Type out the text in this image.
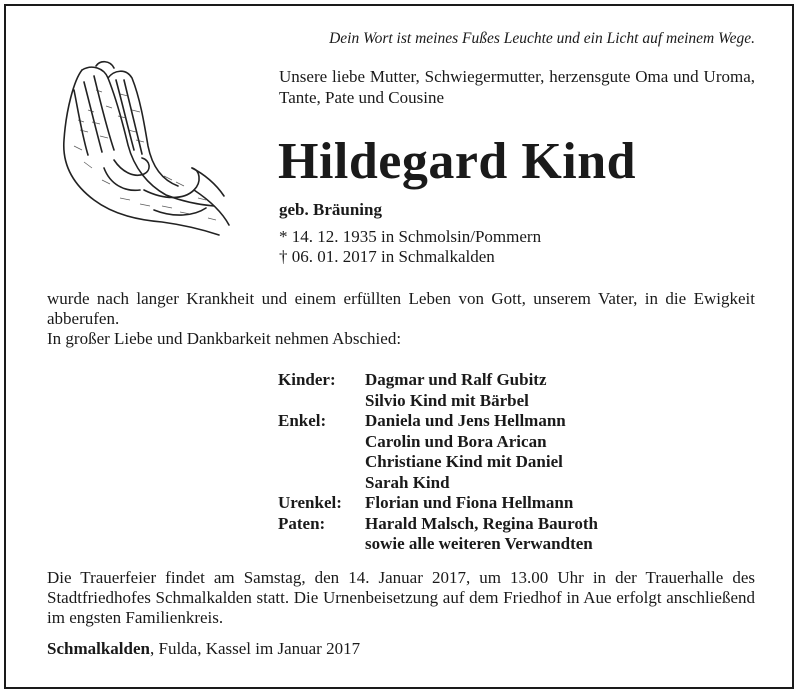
Dein Wort ist meines Fußes Leuchte und ein Licht auf meinem Wege.
Unsere liebe Mutter, Schwiegermutter, herzensgute Oma und Uroma, Tante, Pate und Cousine
Hildegard Kind
geb. Bräuning
* 14. 12. 1935 in Schmolsin/Pommern
† 06. 01. 2017 in Schmalkalden
wurde nach langer Krankheit und einem erfüllten Leben von Gott, unserem Vater, in die Ewigkeit abberufen.
In großer Liebe und Dankbarkeit nehmen Abschied:
Kinder:	Dagmar und Ralf Gubitz
Silvio Kind mit Bärbel
Enkel:	Daniela und Jens Hellmann
Carolin und Bora Arican
Christiane Kind mit Daniel
Sarah Kind
Urenkel:	Florian und Fiona Hellmann
Paten:	Harald Malsch, Regina Bauroth
sowie alle weiteren Verwandten
Die Trauerfeier findet am Samstag, den 14. Januar 2017, um 13.00 Uhr in der Trauerhalle des Stadtfriedhofes Schmalkalden statt. Die Urnenbeisetzung auf dem Friedhof in Aue erfolgt anschließend im engsten Familienkreis.
Schmalkalden, Fulda, Kassel im Januar 2017
